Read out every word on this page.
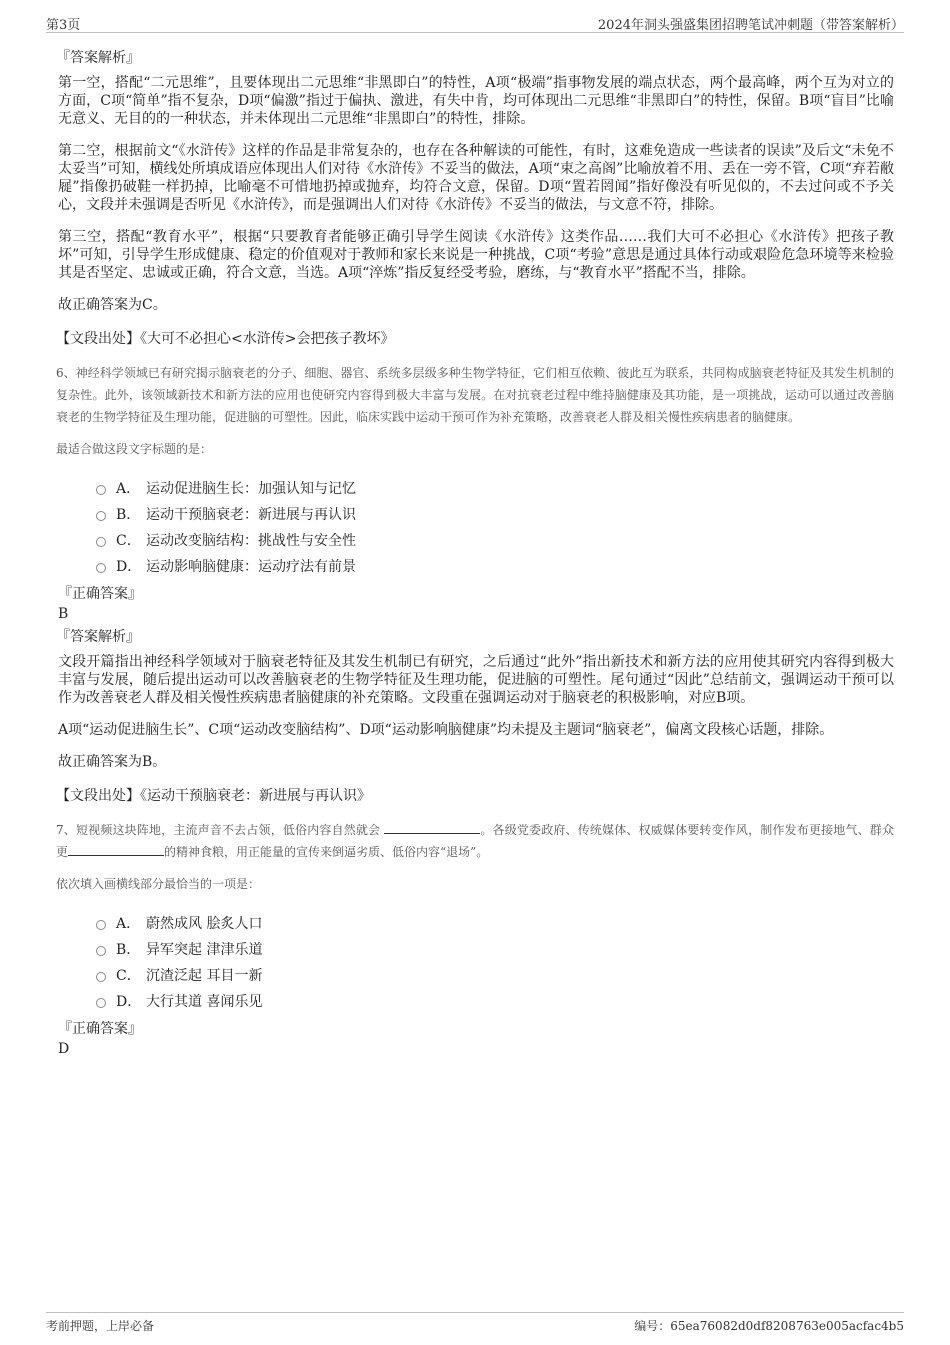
第3页	2024年洞头强盛集团招聘笔试冲刺题（带答案解析）
『答案解析』
第一空，搭配“二元思维”，且要体现出二元思维“非黑即白”的特性，A项“极端”指事物发展的端点状态，两个最高峰，两个互为对立的方面，C项“简单”指不复杂，D项“偏激”指过于偏执、激进，有失中肯，均可体现出二元思维“非黑即白”的特性，保留。B项“盲目”比喻无意义、无目的的一种状态，并未体现出二元思维“非黑即白”的特性，排除。
第二空，根据前文“《水浒传》这样的作品是非常复杂的，也存在各种解读的可能性，有时，这难免造成一些读者的误读”及后文“未免不太妥当”可知，横线处所填成语应体现出人们对待《水浒传》不妥当的做法，A项“束之高阁”比喻放着不用、丢在一旁不管，C项“弃若敝屣”指像扔破鞋一样扔掉，比喻毫不可惜地扔掉或抛弃，均符合文意，保留。D项“置若罔闻”指好像没有听见似的，不去过问或不予关心，文段并未强调是否听见《水浒传》，而是强调出人们对待《水浒传》不妥当的做法，与文意不符，排除。
第三空，搭配“教育水平”，根据“只要教育者能够正确引导学生阅读《水浒传》这类作品……我们大可不必担心《水浒传》把孩子教坏”可知，引导学生形成健康、稳定的价值观对于教师和家长来说是一种挑战，C项“考验”意思是通过具体行动或艰险危急环境等来检验其是否坚定、忠诚或正确，符合文意，当选。A项“淬炼”指反复经受考验，磨练，与“教育水平”搭配不当，排除。
故正确答案为C。
【文段出处】《大可不必担心<水浒传>会把孩子教坏》
6、神经科学领域已有研究揭示脑衰老的分子、细胞、器官、系统多层级多种生物学特征，它们相互依赖、彼此互为联系，共同构成脑衰老特征及其发生机制的复杂性。此外，该领域新技术和新方法的应用也使研究内容得到极大丰富与发展。在对抗衰老过程中维持脑健康及其功能，是一项挑战，运动可以通过改善脑衰老的生物学特征及生理功能，促进脑的可塑性。因此，临床实践中运动干预可作为补充策略，改善衰老人群及相关慢性疾病患者的脑健康。
最适合做这段文字标题的是：
A． 运动促进脑生长：加强认知与记忆
B． 运动干预脑衰老：新进展与再认识
C． 运动改变脑结构：挑战性与安全性
D． 运动影响脑健康：运动疗法有前景
『正确答案』
B
『答案解析』
文段开篇指出神经科学领域对于脑衰老特征及其发生机制已有研究，之后通过“此外”指出新技术和新方法的应用使其研究内容得到极大丰富与发展，随后提出运动可以改善脑衰老的生物学特征及生理功能，促进脑的可塑性。尾句通过“因此”总结前文，强调运动干预可以作为改善衰老人群及相关慢性疾病患者脑健康的补充策略。文段重在强调运动对于脑衰老的积极影响，对应B项。
A项“运动促进脑生长”、C项“运动改变脑结构”、D项“运动影响脑健康”均未提及主题词“脑衰老”，偏离文段核心话题，排除。
故正确答案为B。
【文段出处】《运动干预脑衰老：新进展与再认识》
7、短视频这块阵地，主流声音不去占领，低俗内容自然就会	。各级党委政府、传统媒体、权威媒体要转变作风，制作发布更接地气、群众更	的精神食粮，用正能量的宣传来倒逼劣质、低俗内容“退场”。
依次填入画横线部分最恰当的一项是：
A． 蔚然成风 脍炙人口
B． 异军突起 津津乐道
C． 沉渣泛起 耳目一新
D． 大行其道 喜闻乐见
『正确答案』
D
考前押题，上岸必备	编号：65ea76082d0df8208763e005acfac4b5
